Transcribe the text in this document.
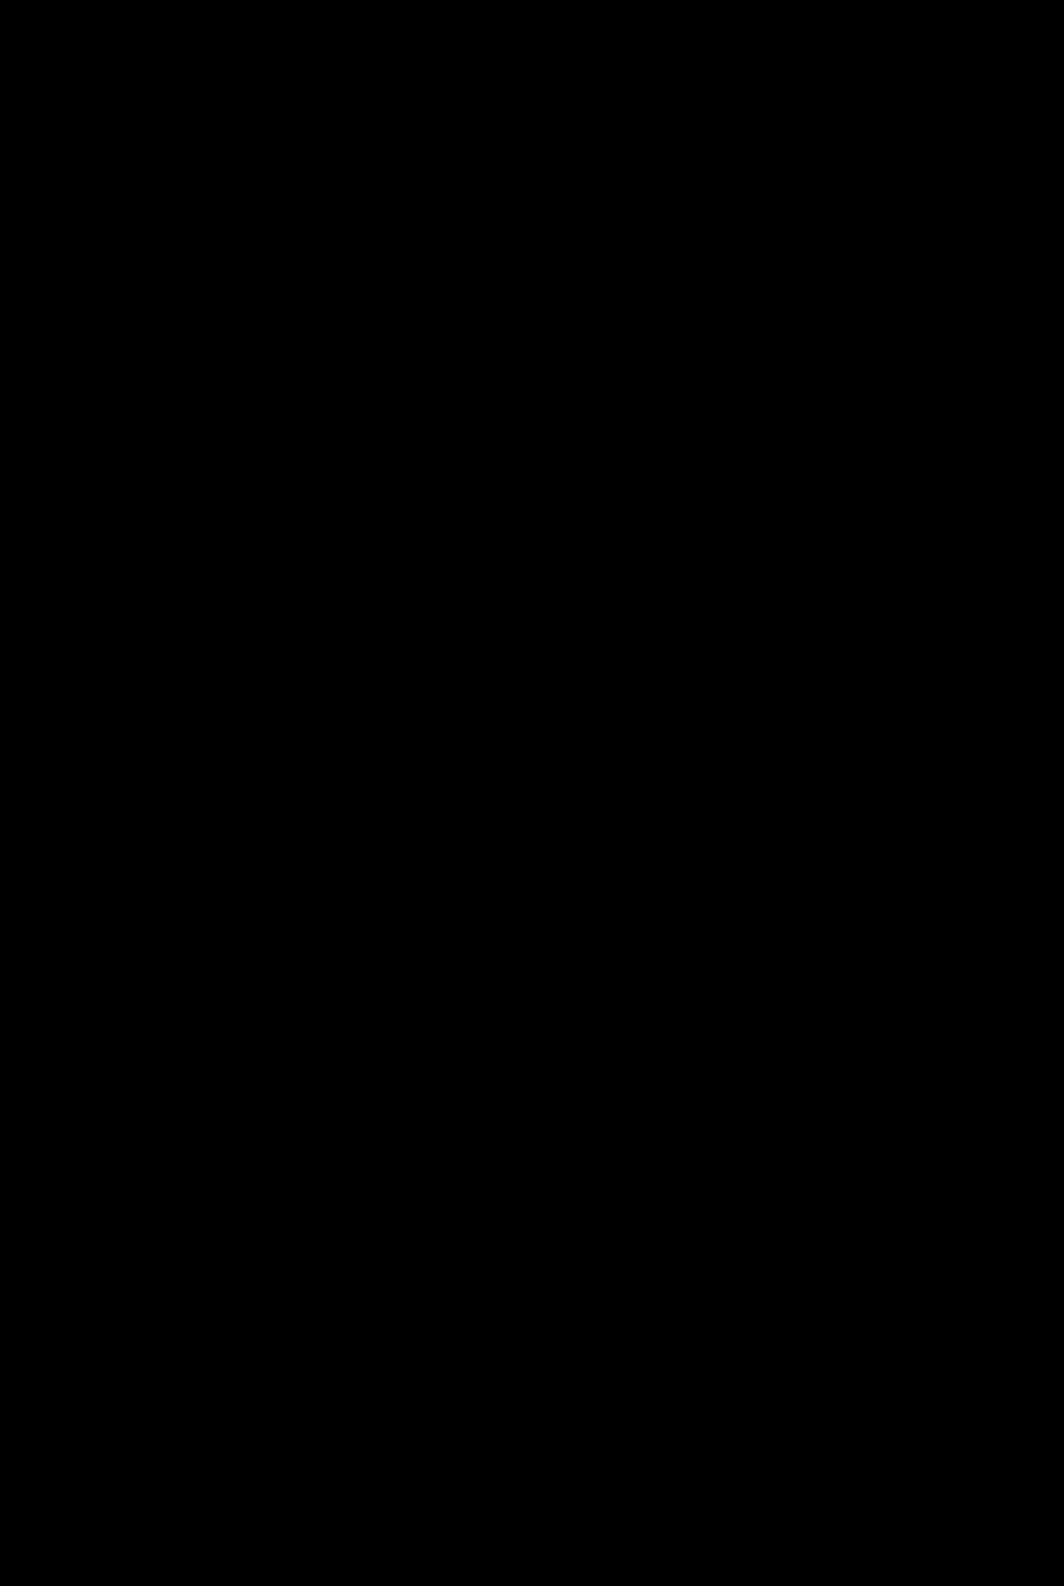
INSURANCE COMMISSION OF THE BAHAMAS
Notes to the Financial Statements
7. ACCOUNTS PAYABLE AND ACCRUED EXPENSES
2019	2018
VAT payable to the Government	$131,357	$90,150
Due to the Securities Commission	61,289	-
Due to Poinciana SPV	160,496	-
Accrued expenses	236,682	274,467
Total accounts payable and accrued expenses	$589,824	$364,617
8. FUNDS HELD ON BEHALF OF LICENSEE
Funds held on behalf of a licensee of $140,555 (2018: $113,553) relates to a deposit prescribed under section 43(1) of the Insurance Act. Section 43 requires any company that wishes to be registered and carry on any class of insurance to deposit, with the Commission or with an approved financial institution on behalf of the Commission, the prescribed deposit. These funds are held at cost.
9. DEFERRED INCOME
Deferred income of $165,458 (2018: $162,158) relates to fee income received during the year in respect of future financial periods.
10. STAFF PENSION FUND
The amount recognised in the statement of financial position, relating to the defined benefit pension entitlements, were determined as follows:
2019	2018
Present value of benefit obligation	$1,081,231	$1,022,506
Fair value of assets	-	-
Liability recognised in the statement of financial position	$1,081,231	$1,022,506
Assets recognised in the statement of financial position
Present value of the amount due from The Government	$375,771	$366,262
Present value of benefit obligation	$705,460	$656,244
(Continued)
